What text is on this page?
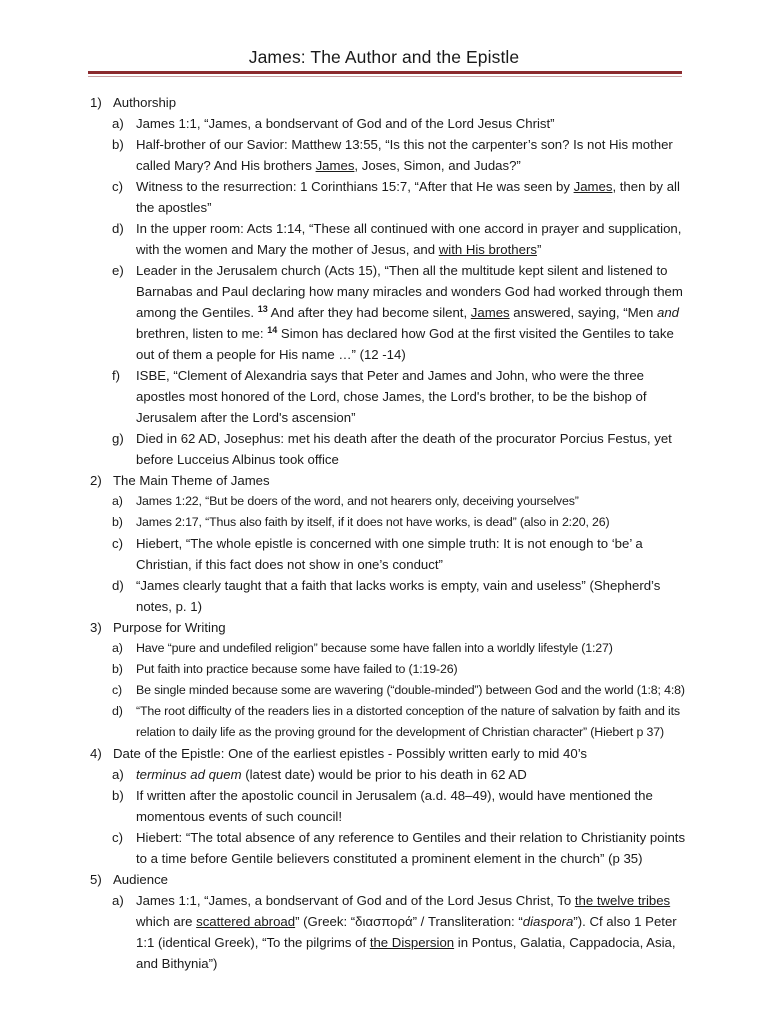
James: The Author and the Epistle
1) Authorship
a) James 1:1, “James, a bondservant of God and of the Lord Jesus Christ”
b) Half-brother of our Savior: Matthew 13:55, “Is this not the carpenter’s son? Is not His mother called Mary? And His brothers James, Joses, Simon, and Judas?”
c) Witness to the resurrection: 1 Corinthians 15:7, “After that He was seen by James, then by all the apostles”
d) In the upper room: Acts 1:14, “These all continued with one accord in prayer and supplication, with the women and Mary the mother of Jesus, and with His brothers”
e) Leader in the Jerusalem church (Acts 15), “Then all the multitude kept silent and listened to Barnabas and Paul declaring how many miracles and wonders God had worked through them among the Gentiles. $^{13}$ And after they had become silent, James answered, saying, “Men and brethren, listen to me: $^{14}$ Simon has declared how God at the first visited the Gentiles to take out of them a people for His name …” (12 -14)
f) ISBE, “Clement of Alexandria says that Peter and James and John, who were the three apostles most honored of the Lord, chose James, the Lord's brother, to be the bishop of Jerusalem after the Lord's ascension”
g) Died in 62 AD, Josephus: met his death after the death of the procurator Porcius Festus, yet before Lucceius Albinus took office
2) The Main Theme of James
a) James 1:22, “But be doers of the word, and not hearers only, deceiving yourselves”
b) James 2:17, “Thus also faith by itself, if it does not have works, is dead” (also in 2:20, 26)
c) Hiebert, “The whole epistle is concerned with one simple truth: It is not enough to ‘be’ a Christian, if this fact does not show in one’s conduct”
d) “James clearly taught that a faith that lacks works is empty, vain and useless” (Shepherd’s notes, p. 1)
3) Purpose for Writing
a) Have “pure and undefiled religion” because some have fallen into a worldly lifestyle (1:27)
b) Put faith into practice because some have failed to (1:19-26)
c) Be single minded because some are wavering (“double-minded”) between God and the world (1:8; 4:8)
d) “The root difficulty of the readers lies in a distorted conception of the nature of salvation by faith and its relation to daily life as the proving ground for the development of Christian character” (Hiebert p 37)
4) Date of the Epistle: One of the earliest epistles - Possibly written early to mid 40’s
a) terminus ad quem (latest date) would be prior to his death in 62 AD
b) If written after the apostolic council in Jerusalem (a.d. 48–49), would have mentioned the momentous events of such council!
c) Hiebert: “The total absence of any reference to Gentiles and their relation to Christianity points to a time before Gentile believers constituted a prominent element in the church” (p 35)
5) Audience
a) James 1:1, “James, a bondservant of God and of the Lord Jesus Christ, To the twelve tribes which are scattered abroad” (Greek: “διασπορά” / Transliteration: “diaspora”). Cf also 1 Peter 1:1 (identical Greek), “To the pilgrims of the Dispersion in Pontus, Galatia, Cappadocia, Asia, and Bithynia”)
